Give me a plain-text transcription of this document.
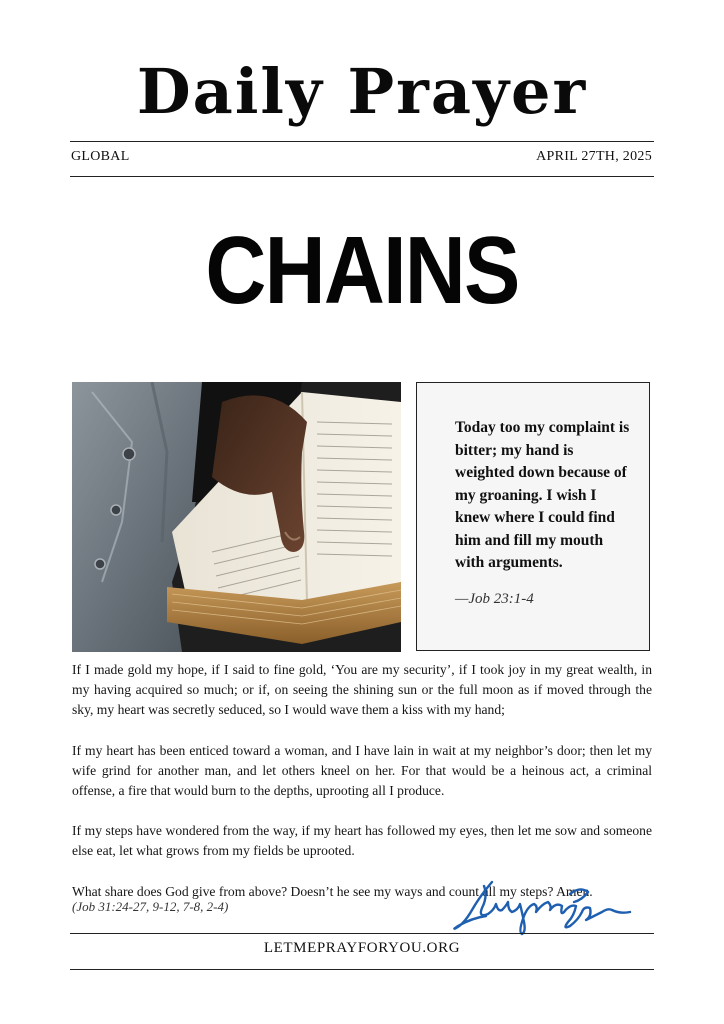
Daily Prayer
GLOBAL	APRIL 27TH, 2025
CHAINS
Today too my complaint is bitter; my hand is weighted down because of my groaning. I wish I knew where I could find him and fill my mouth with arguments.
—Job 23:1-4

If I made gold my hope, if I said to fine gold, ‘You are my security’, if I took joy in my great wealth, in my having acquired so much; or if, on seeing the shining sun or the full moon as if moved through the sky, my heart was secretly seduced, so I would wave them a kiss with my hand;

If my heart has been enticed toward a woman, and I have lain in wait at my neighbor’s door; then let my wife grind for another man, and let others kneel on her. For that would be a heinous act, a criminal offense, a fire that would burn to the depths, uprooting all I produce.

If my steps have wondered from the way, if my heart has followed my eyes, then let me sow and someone else eat, let what grows from my fields be uprooted.

What share does God give from above? Doesn’t he see my ways and count all my steps? Amen.

(Job 31:24-27, 9-12, 7-8, 2-4)
LETMEPRAYFORYOU.ORG
